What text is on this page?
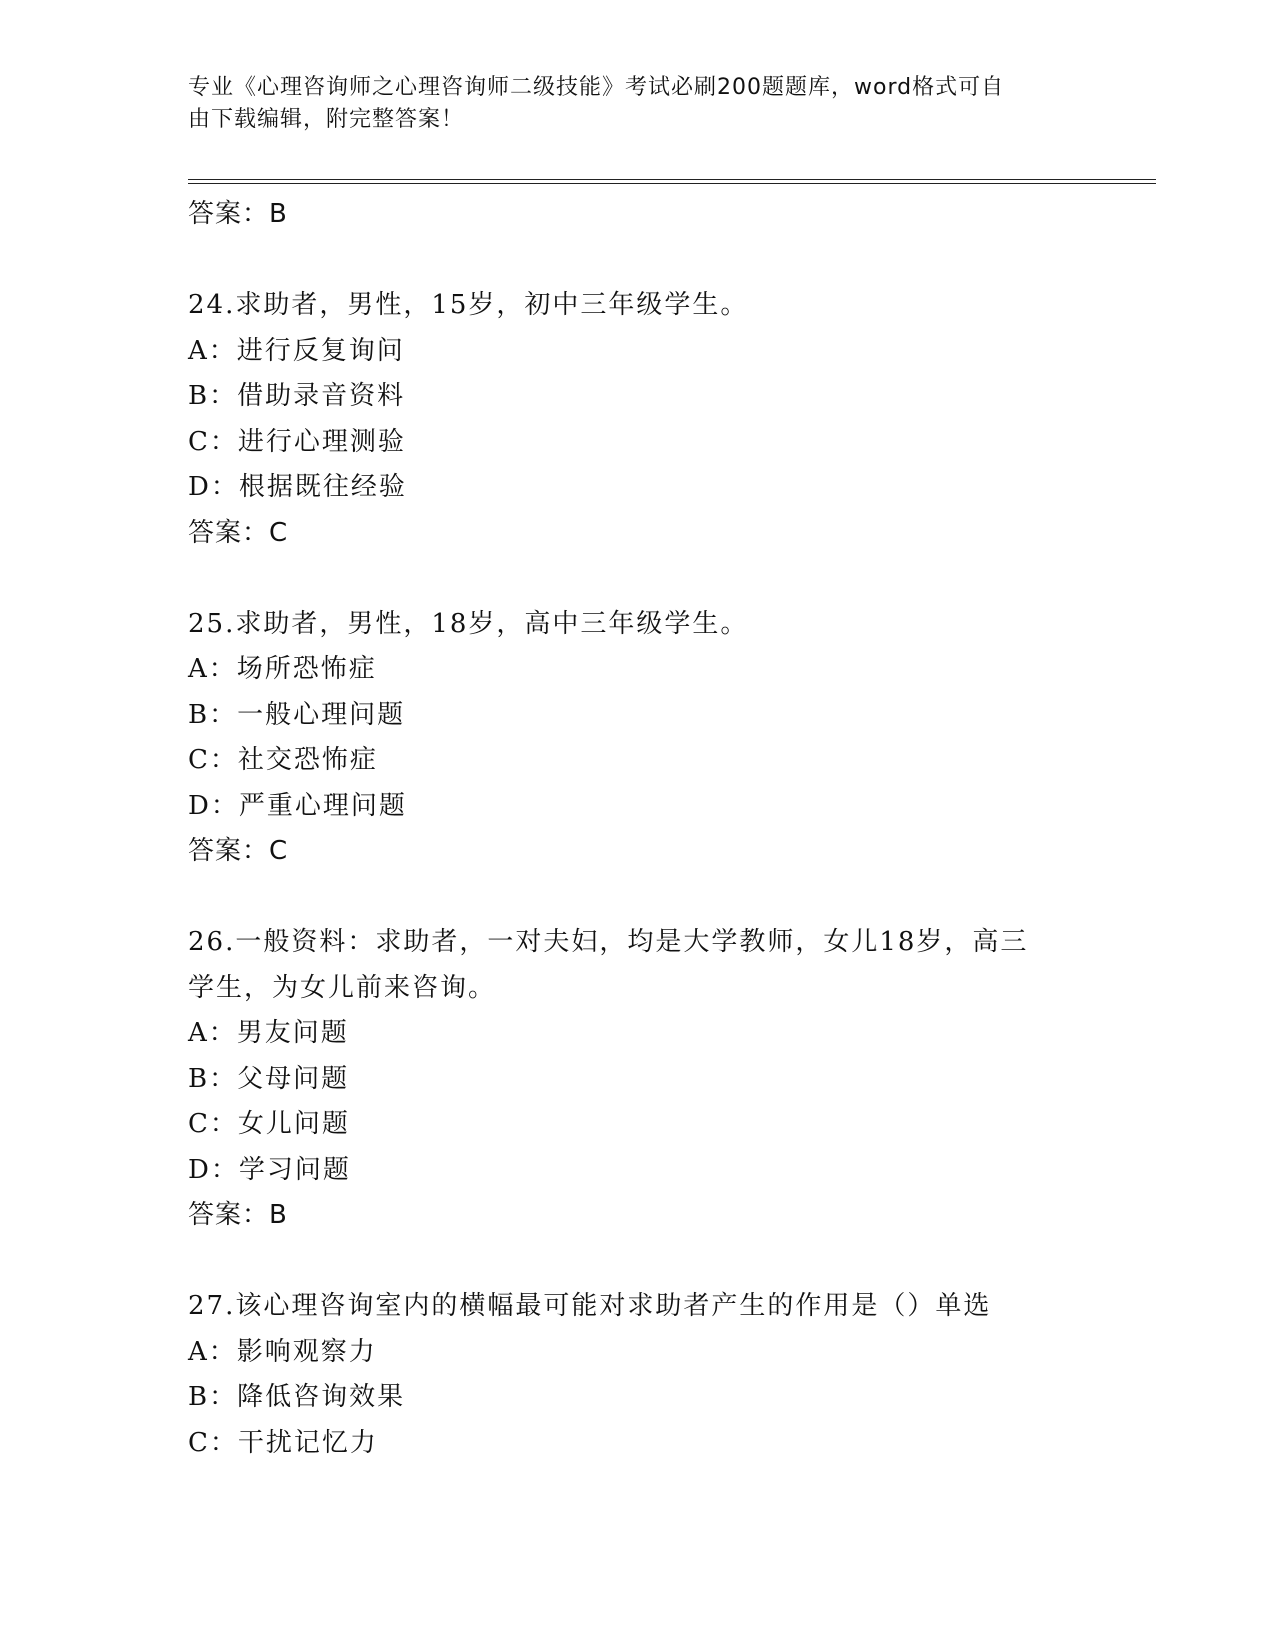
专业《心理咨询师之心理咨询师二级技能》考试必刷200题题库，word格式可自
由下载编辑，附完整答案！
答案：B
24.求助者，男性，15岁，初中三年级学生。
A：进行反复询问
B：借助录音资料
C：进行心理测验
D：根据既往经验
答案：C
25.求助者，男性，18岁，高中三年级学生。
A：场所恐怖症
B：一般心理问题
C：社交恐怖症
D：严重心理问题
答案：C
26.一般资料：求助者，一对夫妇，均是大学教师，女儿18岁，高三
学生，为女儿前来咨询。
A：男友问题
B：父母问题
C：女儿问题
D：学习问题
答案：B
27.该心理咨询室内的横幅最可能对求助者产生的作用是（）单选
A：影响观察力
B：降低咨询效果
C：干扰记忆力
